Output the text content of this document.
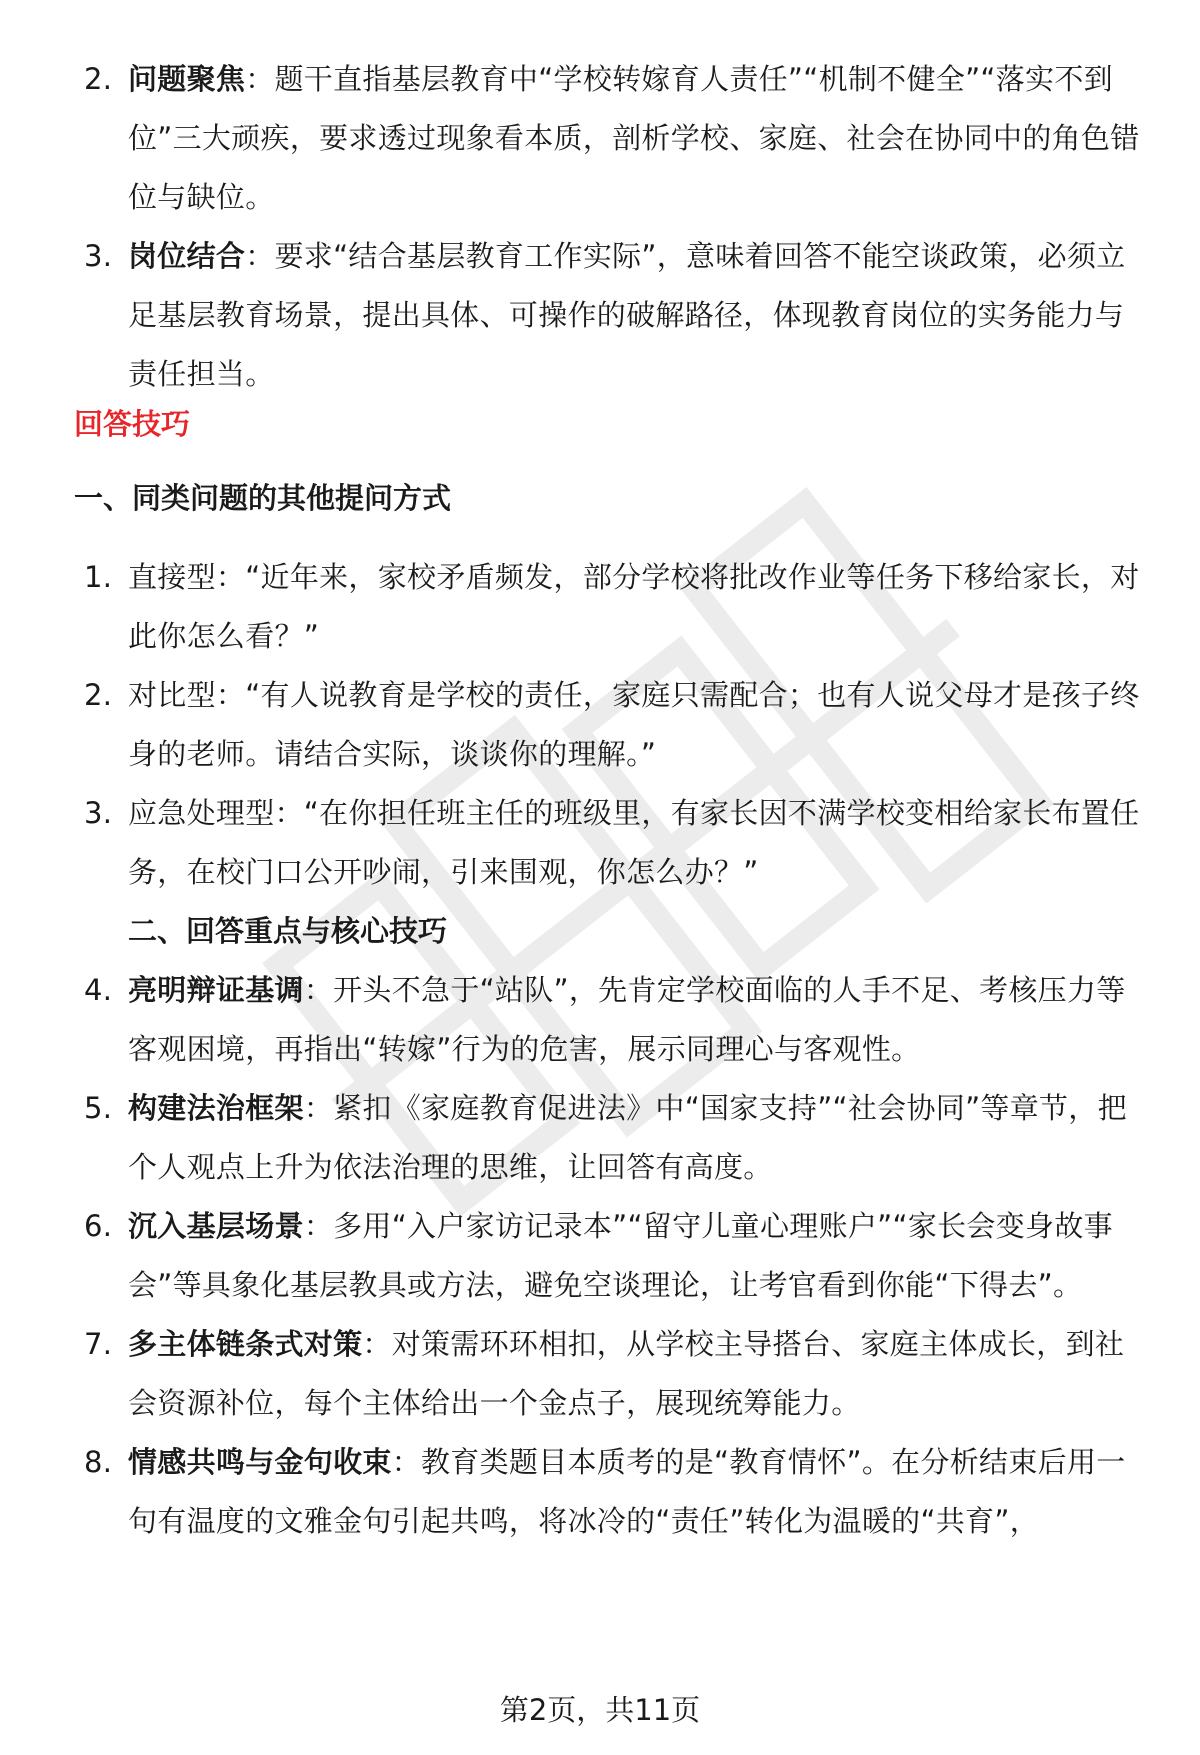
2. 问题聚焦：题干直指基层教育中“学校转嫁育人责任”“机制不健全”“落实不到位”三大顽疾，要求透过现象看本质，剖析学校、家庭、社会在协同中的角色错位与缺位。
3. 岗位结合：要求“结合基层教育工作实际”，意味着回答不能空谈政策，必须立足基层教育场景，提出具体、可操作的破解路径，体现教育岗位的实务能力与责任担当。
回答技巧
一、同类问题的其他提问方式
1. 直接型：“近年来，家校矛盾频发，部分学校将批改作业等任务下移给家长，对此你怎么看？”
2. 对比型：“有人说教育是学校的责任，家庭只需配合；也有人说父母才是孩子终身的老师。请结合实际，谈谈你的理解。”
3. 应急处理型：“在你担任班主任的班级里，有家长因不满学校变相给家长布置任务，在校门口公开吵闹，引来围观，你怎么办？”
二、回答重点与核心技巧
4. 亮明辩证基调：开头不急于“站队”，先肯定学校面临的人手不足、考核压力等客观困境，再指出“转嫁”行为的危害，展示同理心与客观性。
5. 构建法治框架：紧扣《家庭教育促进法》中“国家支持”“社会协同”等章节，把个人观点上升为依法治理的思维，让回答有高度。
6. 沉入基层场景：多用“入户家访记录本”“留守儿童心理账户”“家长会变身故事会”等具象化基层教具或方法，避免空谈理论，让考官看到你能“下得去”。
7. 多主体链条式对策：对策需环环相扣，从学校主导搭台、家庭主体成长，到社会资源补位，每个主体给出一个金点子，展现统筹能力。
8. 情感共鸣与金句收束：教育类题目本质考的是“教育情怀”。在分析结束后用一句有温度的文雅金句引起共鸣，将冰冷的“责任”转化为温暖的“共育”，
第2页，共11页
